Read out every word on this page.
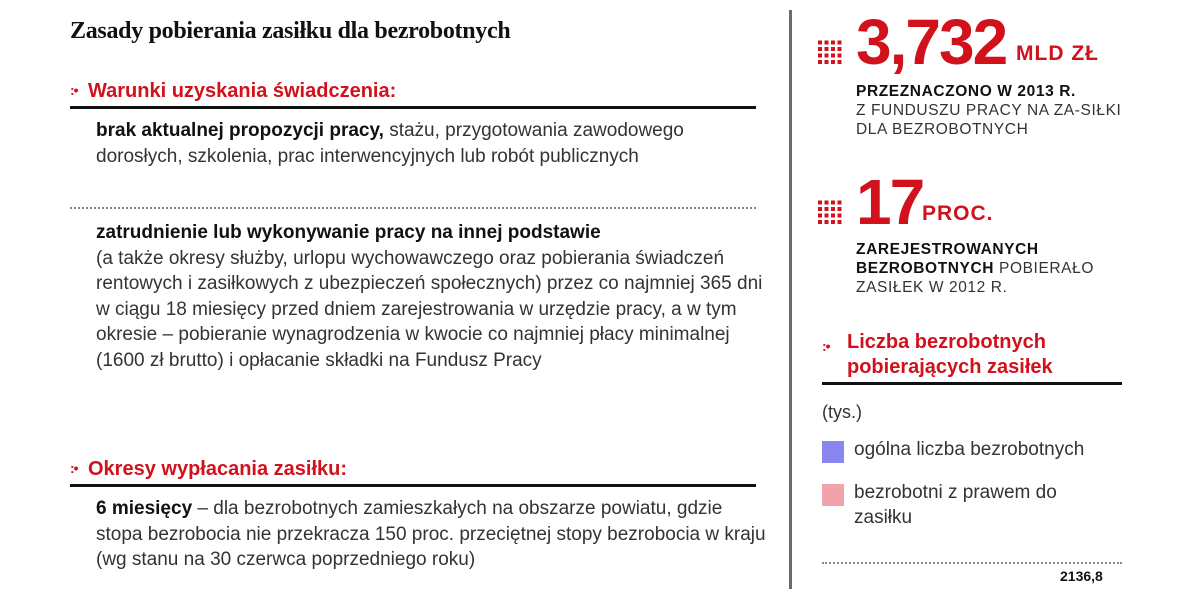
Zasady pobierania zasiłku dla bezrobotnych
:• Warunki uzyskania świadczenia:
brak aktualnej propozycji pracy, stażu, przygotowania zawodowego dorosłych, szkolenia, prac interwencyjnych lub robót publicznych
zatrudnienie lub wykonywanie pracy na innej podstawie
(a także okresy służby, urlopu wychowawczego oraz pobierania świadczeń rentowych i zasiłkowych z ubezpieczeń społecznych) przez co najmniej 365 dni w ciągu 18 miesięcy przed dniem zarejestrowania w urzędzie pracy, a w tym okresie – pobieranie wynagrodzenia w kwocie co najmniej płacy minimalnej (1600 zł brutto) i opłacanie składki na Fundusz Pracy
:• Okresy wypłacania zasiłku:
6 miesięcy – dla bezrobotnych zamieszkałych na obszarze powiatu, gdzie stopa bezrobocia nie przekracza 150 proc. przeciętnej stopy bezrobocia w kraju (wg stanu na 30 czerwca poprzedniego roku)
3,732 MLD ZŁ
PRZEZNACZONO W 2013 R.
Z FUNDUSZU PRACY NA ZA-SIŁKI DLA BEZROBOTNYCH
17
PROC.
ZAREJESTROWANYCH BEZROBOTNYCH POBIERAŁO ZASIŁEK W 2012 R.
:• Liczba bezrobotnych pobierających zasiłek
(tys.)
ogólna liczba bezrobotnych
bezrobotni z prawem do zasiłku
2136,8
